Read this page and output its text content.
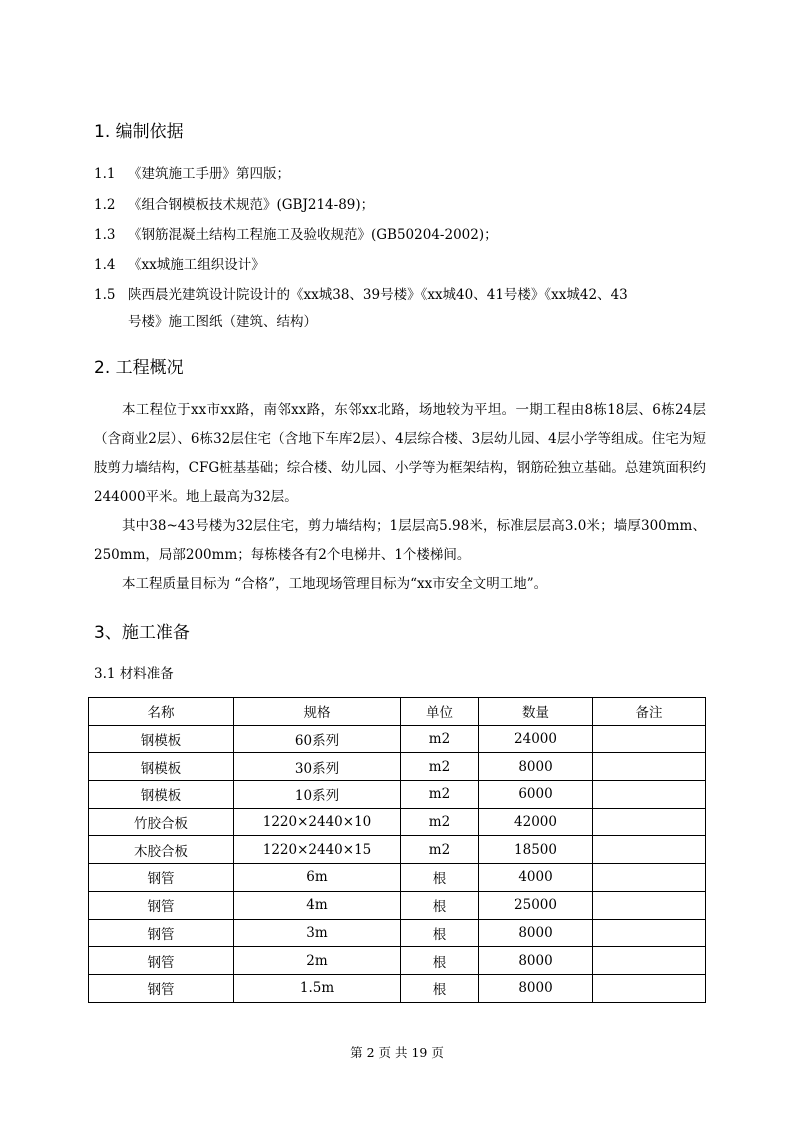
1. 编制依据
1.1 《建筑施工手册》第四版；
1.2 《组合钢模板技术规范》(GBJ214-89)；
1.3 《钢筋混凝土结构工程施工及验收规范》(GB50204-2002)；
1.4 《xx城施工组织设计》
1.5 陕西晨光建筑设计院设计的《xx城38、39号楼》《xx城40、41号楼》《xx城42、43
号楼》施工图纸（建筑、结构）
2. 工程概况
本工程位于xx市xx路，南邻xx路，东邻xx北路，场地较为平坦。一期工程由8栋18层、6栋24层（含商业2层）、6栋32层住宅（含地下车库2层）、4层综合楼、3层幼儿园、4层小学等组成。住宅为短肢剪力墙结构，CFG桩基基础；综合楼、幼儿园、小学等为框架结构，钢筋砼独立基础。总建筑面积约244000平米。地上最高为32层。
其中38~43号楼为32层住宅，剪力墙结构；1层层高5.98米，标准层层高3.0米；墙厚300mm、250mm，局部200mm；每栋楼各有2个电梯井、1个楼梯间。
本工程质量目标为 “合格”，工地现场管理目标为“xx市安全文明工地”。
3、施工准备
3.1 材料准备
名称	规格	单位	数量	备注
钢模板	60系列	m2	24000	
钢模板	30系列	m2	8000	
钢模板	10系列	m2	6000	
竹胶合板	1220×2440×10	m2	42000	
木胶合板	1220×2440×15	m2	18500	
钢管	6m	根	4000	
钢管	4m	根	25000	
钢管	3m	根	8000	
钢管	2m	根	8000	
钢管	1.5m	根	8000	
第 2 页 共 19 页
